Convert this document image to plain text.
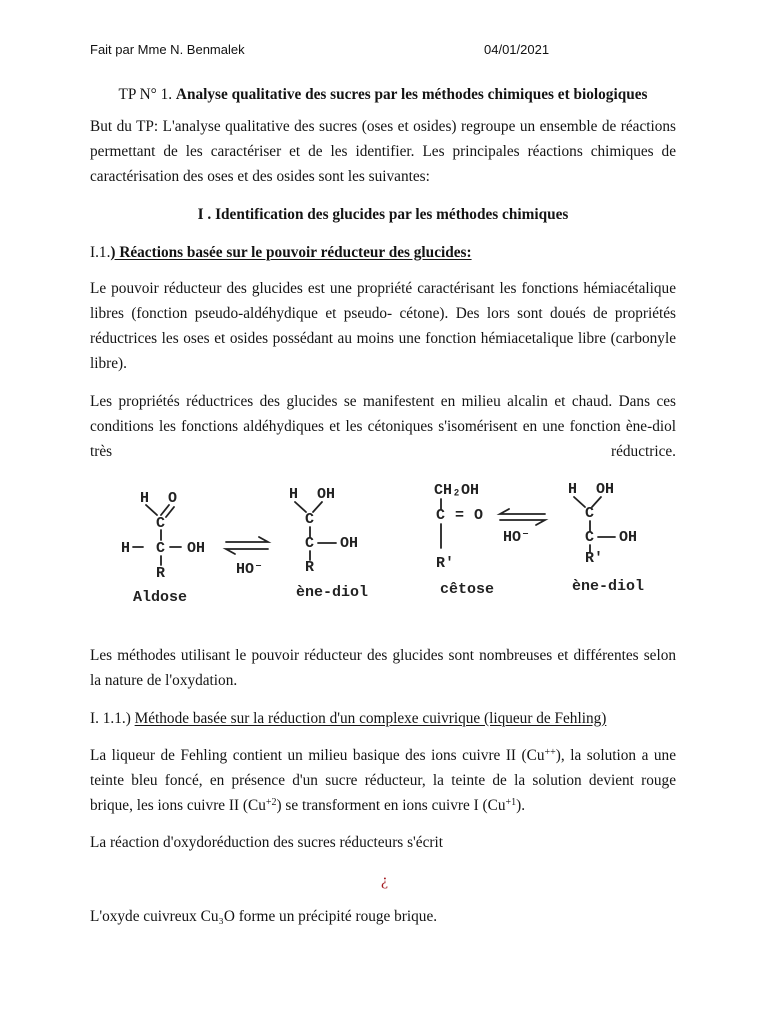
Fait par Mme N. Benmalek	04/01/2021
TP N° 1. Analyse qualitative des sucres par les méthodes chimiques et biologiques
But du TP: L'analyse qualitative des sucres (oses et osides) regroupe un ensemble de réactions
permettant de les caractériser et de les identifier. Les principales réactions chimiques de
caractérisation des oses et des osides sont les suivantes:
I . Identification des glucides par les méthodes chimiques
I.1.) Réactions basée sur le pouvoir réducteur des glucides:
Le pouvoir réducteur des glucides est une propriété caractérisant les fonctions hémiacétalique
libres (fonction pseudo-aldéhydique et pseudo- cétone). Des lors sont doués de propriétés
réductrices les oses et osides possédant au moins une fonction hémiacetalique libre (carbonyle
libre).
Les propriétés réductrices des glucides se manifestent en milieu alcalin et chaud. Dans ces
conditions les fonctions aldéhydiques et les cétoniques s'isomérisent en une fonction ène-diol
très réductrice.
H O
C
H C OH
R
Aldose
HO⁻
H OH
C
C OH
R
ène-diol
CH₂OH
C = O
R'
cêtose
HO⁻
H OH
C
C OH
R'
ène-diol
Les méthodes utilisant le pouvoir réducteur des glucides sont nombreuses et différentes selon
la nature de l'oxydation.
I. 1.1.) Méthode basée sur la réduction d'un complexe cuivrique (liqueur de Fehling)
La liqueur de Fehling contient un milieu basique des ions cuivre II (Cu++), la solution a une
teinte bleu foncé, en présence d'un sucre réducteur, la teinte de la solution devient rouge
brique, les ions cuivre II $(Cu^{+2})$ se transforment en ions cuivre I $(Cu^{+1})$.
La réaction d'oxydoréduction des sucres réducteurs s'écrit
¿
L'oxyde cuivreux Cu₃O forme un précipité rouge brique.
